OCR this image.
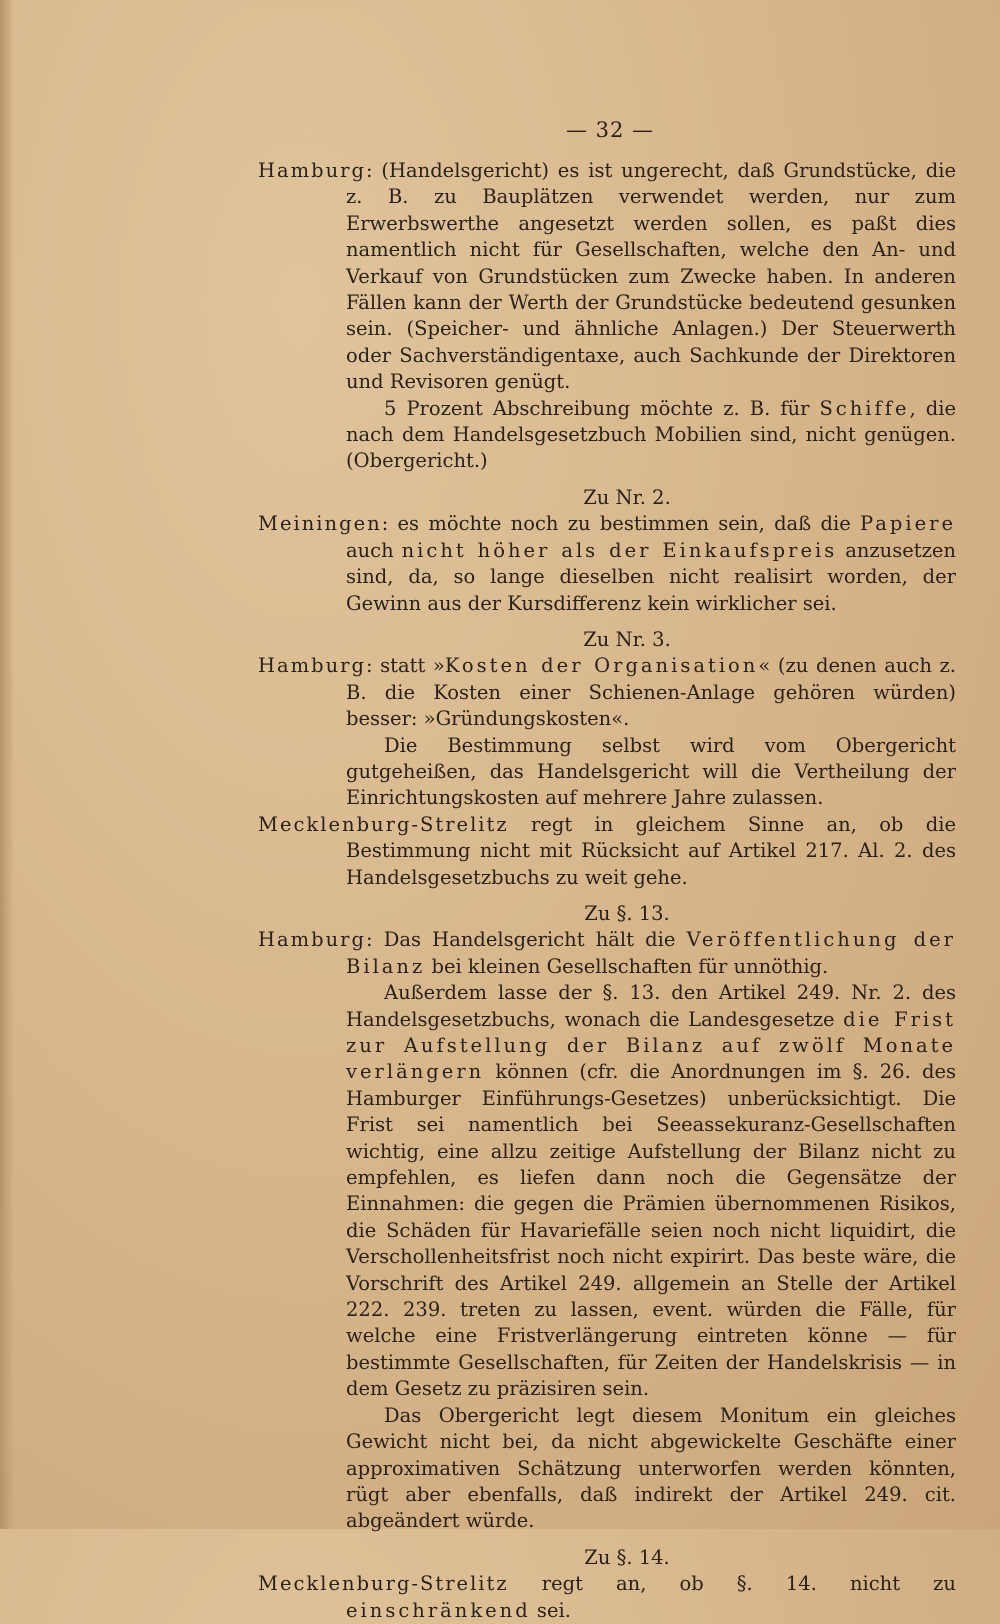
— 32 —

Hamburg: (Handelsgericht) es ist ungerecht, daß Grundstücke, die z. B. zu Bauplätzen verwendet werden, nur zum Erwerbswerthe angesetzt werden sollen, es paßt dies namentlich nicht für Gesellschaften, welche den An- und Verkauf von Grundstücken zum Zwecke haben. In anderen Fällen kann der Werth der Grundstücke bedeutend gesunken sein. (Speicher- und ähnliche Anlagen.) Der Steuerwerth oder Sachverständigentaxe, auch Sachkunde der Direktoren und Revisoren genügt.

5 Prozent Abschreibung möchte z. B. für Schiffe, die nach dem Handelsgesetzbuch Mobilien sind, nicht genügen. (Obergericht.)

Zu Nr. 2.

Meiningen: es möchte noch zu bestimmen sein, daß die Papiere auch nicht höher als der Einkaufspreis anzusetzen sind, da, so lange dieselben nicht realisirt worden, der Gewinn aus der Kursdifferenz kein wirklicher sei.

Zu Nr. 3.

Hamburg: statt »Kosten der Organisation« (zu denen auch z. B. die Kosten einer Schienen-Anlage gehören würden) besser: »Gründungskosten«.

Die Bestimmung selbst wird vom Obergericht gutgeheißen, das Handelsgericht will die Vertheilung der Einrichtungskosten auf mehrere Jahre zulassen.

Mecklenburg-Strelitz regt in gleichem Sinne an, ob die Bestimmung nicht mit Rücksicht auf Artikel 217. Al. 2. des Handelsgesetzbuchs zu weit gehe.

Zu §. 13.

Hamburg: Das Handelsgericht hält die Veröffentlichung der Bilanz bei kleinen Gesellschaften für unnöthig.

Außerdem lasse der §. 13. den Artikel 249. Nr. 2. des Handelsgesetzbuchs, wonach die Landesgesetze die Frist zur Aufstellung der Bilanz auf zwölf Monate verlängern können (cfr. die Anordnungen im §. 26. des Hamburger Einführungs-Gesetzes) unberücksichtigt. Die Frist sei namentlich bei Seeassekuranz-Gesellschaften wichtig, eine allzu zeitige Aufstellung der Bilanz nicht zu empfehlen, es liefen dann noch die Gegensätze der Einnahmen: die gegen die Prämien übernommenen Risikos, die Schäden für Havariefälle seien noch nicht liquidirt, die Verschollenheitsfrist noch nicht expirirt. Das beste wäre, die Vorschrift des Artikel 249. allgemein an Stelle der Artikel 222. 239. treten zu lassen, event. würden die Fälle, für welche eine Fristverlängerung eintreten könne — für bestimmte Gesellschaften, für Zeiten der Handelskrisis — in dem Gesetz zu präzisiren sein.

Das Obergericht legt diesem Monitum ein gleiches Gewicht nicht bei, da nicht abgewickelte Geschäfte einer approximativen Schätzung unterworfen werden könnten, rügt aber ebenfalls, daß indirekt der Artikel 249. cit. abgeändert würde.

Zu §. 14.

Mecklenburg-Strelitz regt an, ob §. 14. nicht zu einschränkend sei.
